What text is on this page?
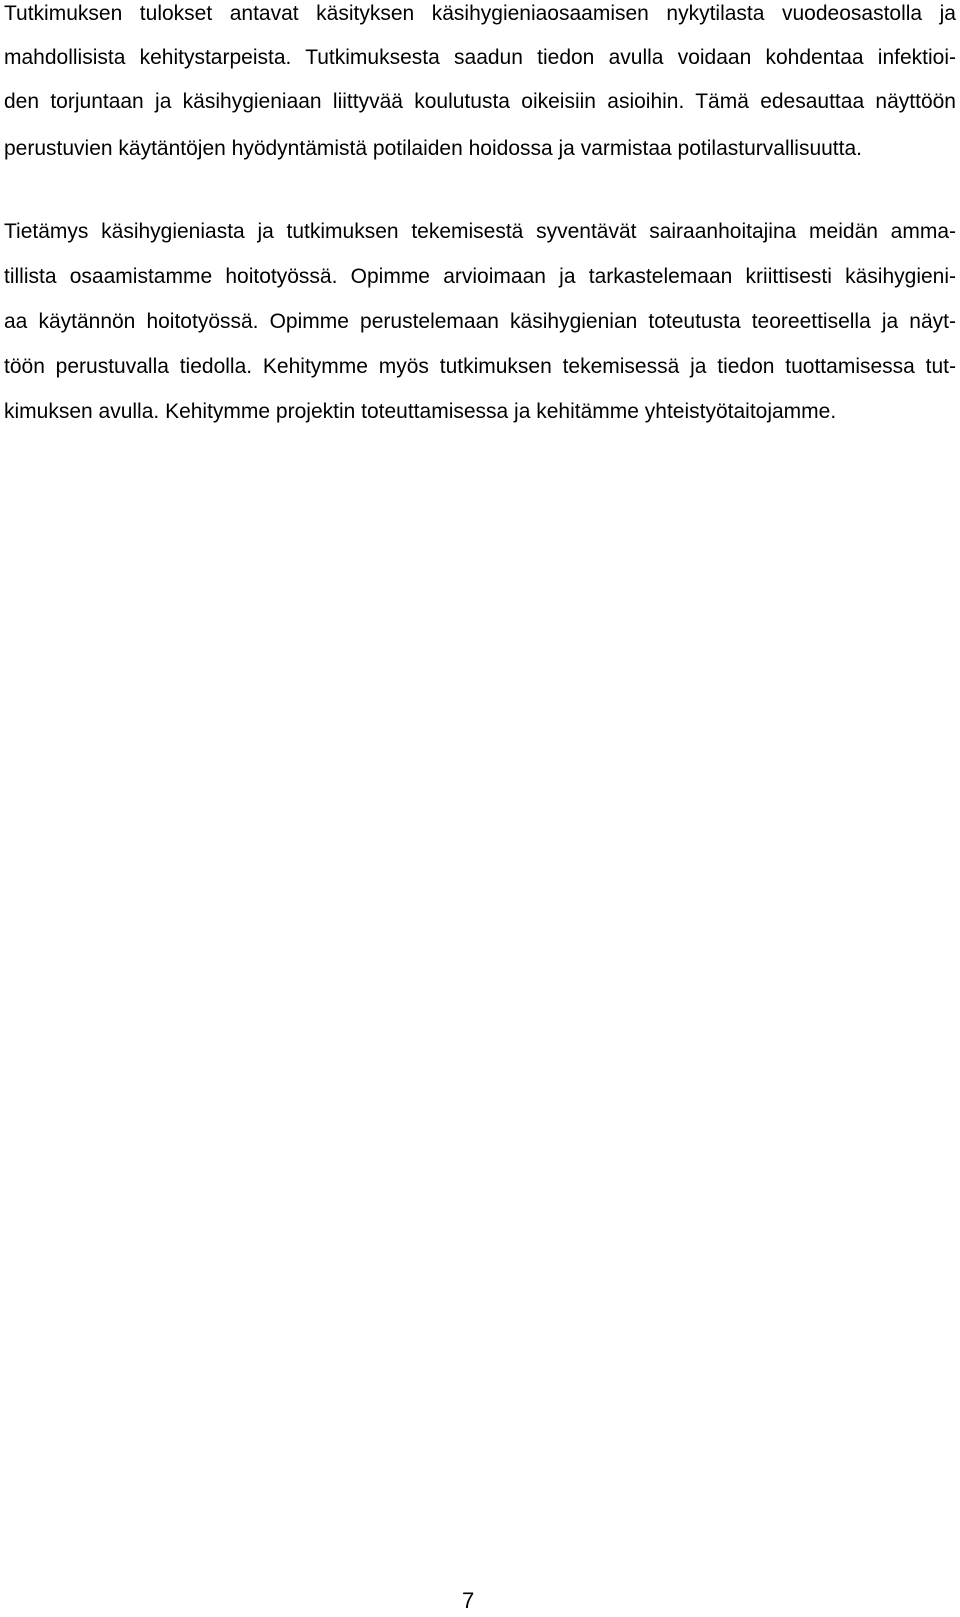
Tutkimuksen tulokset antavat käsityksen käsihygieniaosaamisen nykytilasta vuodeosastolla ja
mahdollisista kehitystarpeista. Tutkimuksesta saadun tiedon avulla voidaan kohdentaa infektioi-
den torjuntaan ja käsihygieniaan liittyvää koulutusta oikeisiin asioihin. Tämä edesauttaa näyttöön
perustuvien käytäntöjen hyödyntämistä potilaiden hoidossa ja varmistaa potilasturvallisuutta.
Tietämys käsihygieniasta ja tutkimuksen tekemisestä syventävät sairaanhoitajina meidän amma-
tillista osaamistamme hoitotyössä. Opimme arvioimaan ja tarkastelemaan kriittisesti käsihygieni-
aa käytännön hoitotyössä. Opimme perustelemaan käsihygienian toteutusta teoreettisella ja näyt-
töön perustuvalla tiedolla. Kehitymme myös tutkimuksen tekemisessä ja tiedon tuottamisessa tut-
kimuksen avulla. Kehitymme projektin toteuttamisessa ja kehitämme yhteistyötaitojamme.
7
